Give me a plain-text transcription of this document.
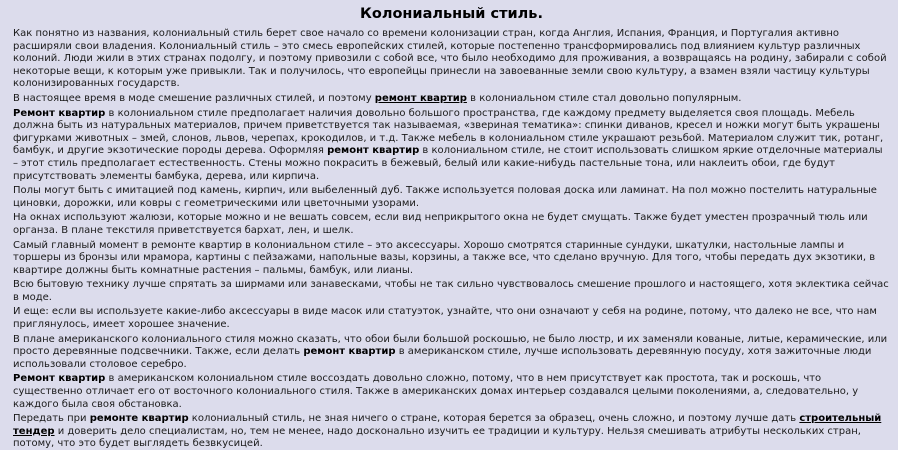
Колониальный стиль.

Как понятно из названия, колониальный стиль берет свое начало со времени колонизации стран, когда Англия, Испания, Франция, и Португалия активно расширяли свои владения. Колониальный стиль – это смесь европейских стилей, которые постепенно трансформировались под влиянием культур различных колоний. Люди жили в этих странах подолгу, и поэтому привозили с собой все, что было необходимо для проживания, а возвращаясь на родину, забирали с собой некоторые вещи, к которым уже привыкли. Так и получилось, что европейцы принесли на завоеванные земли свою культуру, а взамен взяли частицу культуры колонизированных государств.

В настоящее время в моде смешение различных стилей, и поэтому ремонт квартир в колониальном стиле стал довольно популярным.

Ремонт квартир в колониальном стиле предполагает наличия довольно большого пространства, где каждому предмету выделяется своя площадь. Мебель должна быть из натуральных материалов, причем приветствуется так называемая, «звериная тематика»: спинки диванов, кресел и ножки могут быть украшены фигурками животных – змей, слонов, львов, черепах, крокодилов, и т.д. Также мебель в колониальном стиле украшают резьбой. Материалом служит тик, ротанг, бамбук, и другие экзотические породы дерева. Оформляя ремонт квартир в колониальном стиле, не стоит использовать слишком яркие отделочные материалы – этот стиль предполагает естественность. Стены можно покрасить в бежевый, белый или какие-нибудь пастельные тона, или наклеить обои, где будут присутствовать элементы бамбука, дерева, или кирпича.

Полы могут быть с имитацией под камень, кирпич, или выбеленный дуб. Также используется половая доска или ламинат. На пол можно постелить натуральные циновки, дорожки, или ковры с геометрическими или цветочными узорами.

На окнах используют жалюзи, которые можно и не вешать совсем, если вид неприкрытого окна не будет смущать. Также будет уместен прозрачный тюль или органза. В плане текстиля приветствуется бархат, лен, и шелк.

Самый главный момент в ремонте квартир в колониальном стиле – это аксессуары. Хорошо смотрятся старинные сундуки, шкатулки, настольные лампы и торшеры из бронзы или мрамора, картины с пейзажами, напольные вазы, корзины, а также все, что сделано вручную. Для того, чтобы передать дух экзотики, в квартире должны быть комнатные растения – пальмы, бамбук, или лианы.

Всю бытовую технику лучше спрятать за ширмами или занавесками, чтобы не так сильно чувствовалось смешение прошлого и настоящего, хотя эклектика сейчас в моде.

И еще: если вы используете какие-либо аксессуары в виде масок или статуэток, узнайте, что они означают у себя на родине, потому, что далеко не все, что нам приглянулось, имеет хорошее значение.

В плане американского колониального стиля можно сказать, что обои были большой роскошью, не было люстр, и их заменяли кованые, литые, керамические, или просто деревянные подсвечники. Также, если делать ремонт квартир в американском стиле, лучше использовать деревянную посуду, хотя зажиточные люди использовали столовое серебро.

Ремонт квартир в американском колониальном стиле воссоздать довольно сложно, потому, что в нем присутствует как простота, так и роскошь, что существенно отличает его от восточного колониального стиля. Также в американских домах интерьер создавался целыми поколениями, а, следовательно, у каждого была своя обстановка.

Передать при ремонте квартир колониальный стиль, не зная ничего о стране, которая берется за образец, очень сложно, и поэтому лучше дать строительный тендер и доверить дело специалистам, но, тем не менее, надо досконально изучить ее традиции и культуру. Нельзя смешивать атрибуты нескольких стран, потому, что это будет выглядеть безвкусицей.
